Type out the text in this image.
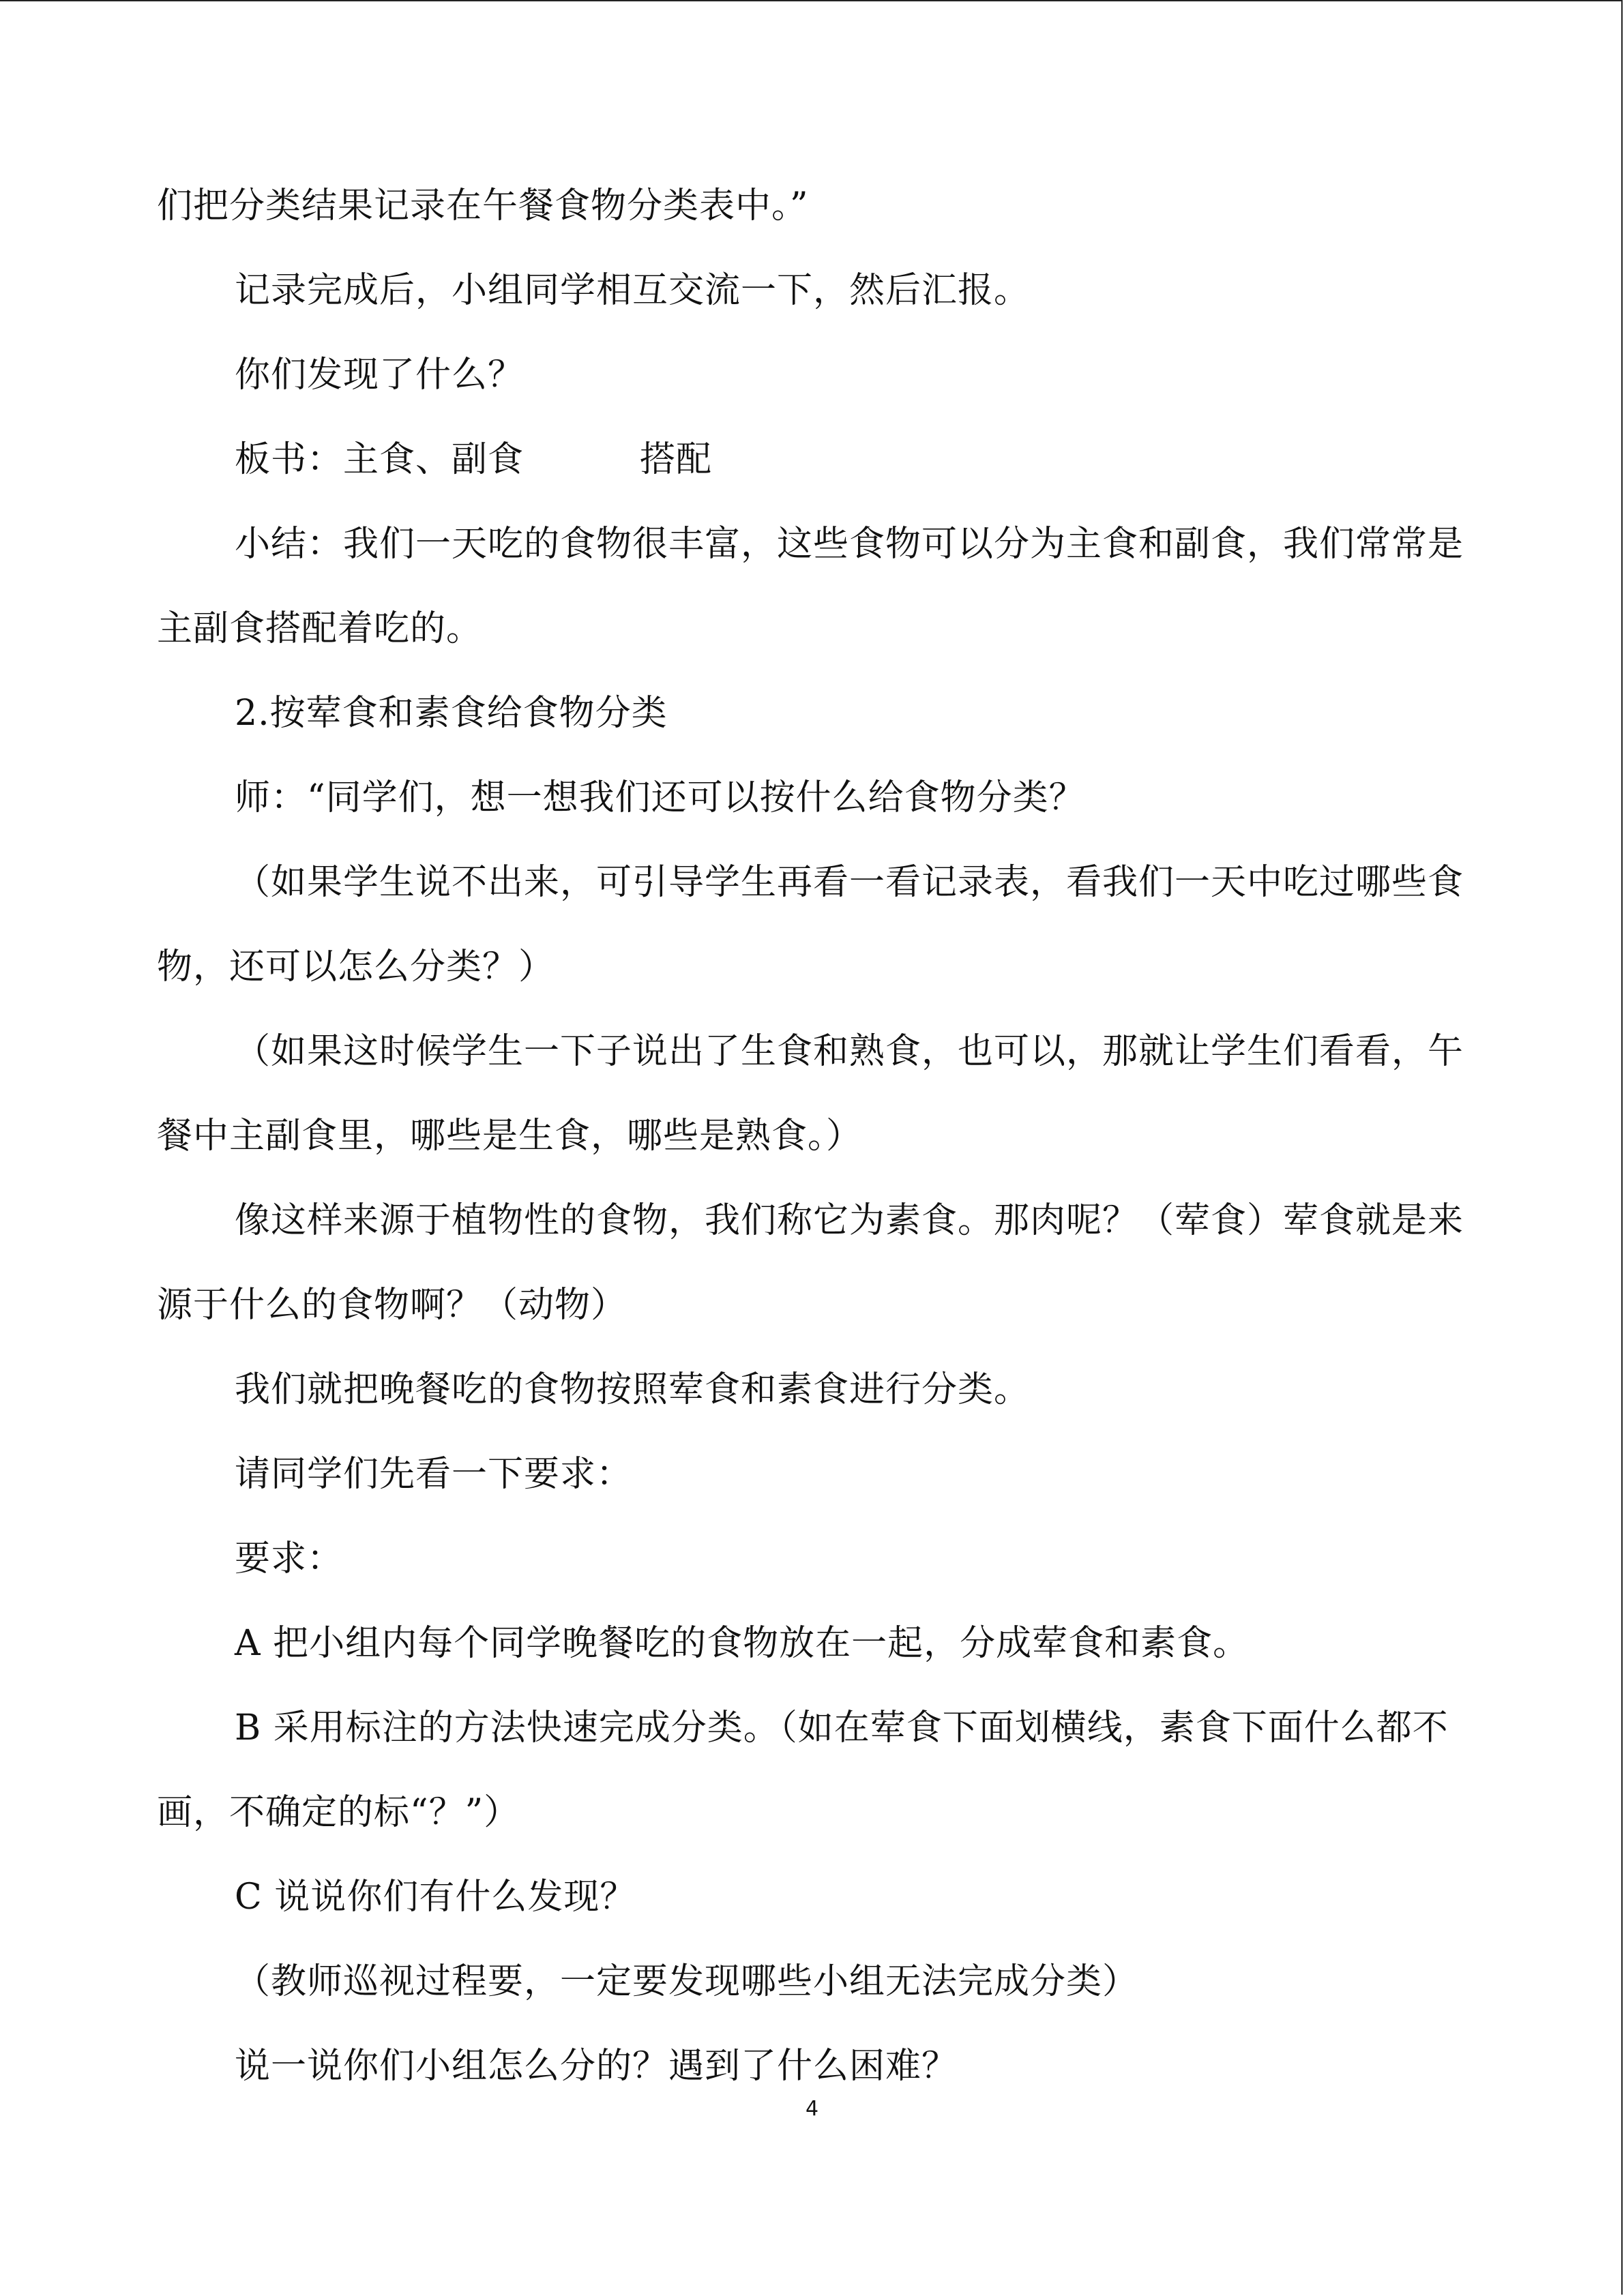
们把分类结果记录在午餐食物分类表中。”

记录完成后，小组同学相互交流一下，然后汇报。

你们发现了什么？

板书：主食、副食	搭配

小结：我们一天吃的食物很丰富，这些食物可以分为主食和副食，我们常常是主副食搭配着吃的。

2.按荤食和素食给食物分类

师：“同学们，想一想我们还可以按什么给食物分类？

（如果学生说不出来，可引导学生再看一看记录表，看我们一天中吃过哪些食物，还可以怎么分类？）

（如果这时候学生一下子说出了生食和熟食，也可以，那就让学生们看看，午餐中主副食里，哪些是生食，哪些是熟食。）

像这样来源于植物性的食物，我们称它为素食。那肉呢？（荤食）荤食就是来源于什么的食物啊？（动物）

我们就把晚餐吃的食物按照荤食和素食进行分类。

请同学们先看一下要求：

要求：

A 把小组内每个同学晚餐吃的食物放在一起，分成荤食和素食。

B 采用标注的方法快速完成分类。（如在荤食下面划横线，素食下面什么都不画，不确定的标“？”）

C 说说你们有什么发现？

（教师巡视过程要，一定要发现哪些小组无法完成分类）

说一说你们小组怎么分的？遇到了什么困难？

4
